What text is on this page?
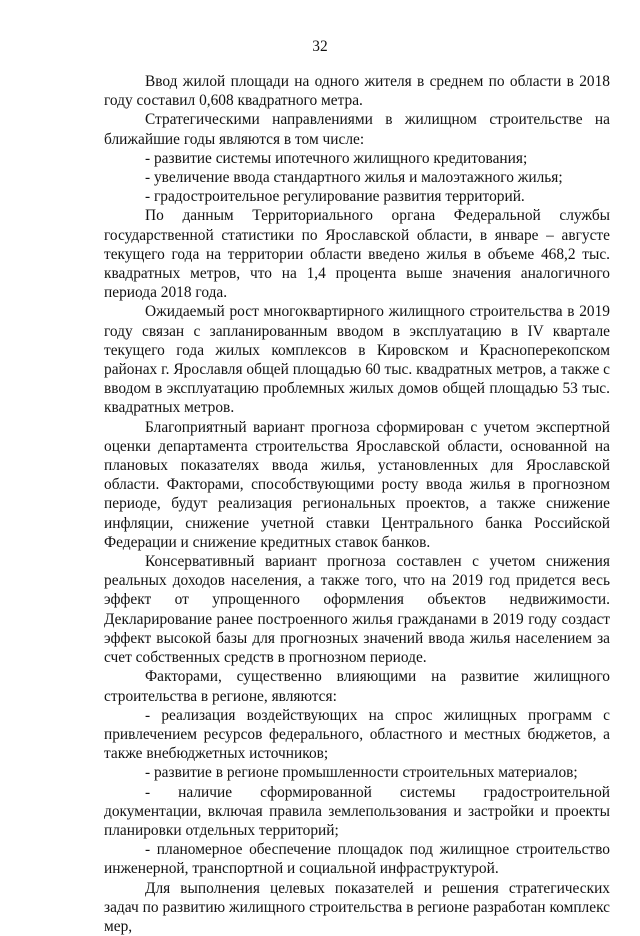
32

Ввод жилой площади на одного жителя в среднем по области в 2018 году составил 0,608 квадратного метра.

Стратегическими направлениями в жилищном строительстве на ближайшие годы являются в том числе:

- развитие системы ипотечного жилищного кредитования;

- увеличение ввода стандартного жилья и малоэтажного жилья;

- градостроительное регулирование развития территорий.

По данным Территориального органа Федеральной службы государственной статистики по Ярославской области, в январе – августе текущего года на территории области введено жилья в объеме 468,2 тыс. квадратных метров, что на 1,4 процента выше значения аналогичного периода 2018 года.

Ожидаемый рост многоквартирного жилищного строительства в 2019 году связан с запланированным вводом в эксплуатацию в IV квартале текущего года жилых комплексов в Кировском и Красноперекопском районах г. Ярославля общей площадью 60 тыс. квадратных метров, а также с вводом в эксплуатацию проблемных жилых домов общей площадью 53 тыс. квадратных метров.

Благоприятный вариант прогноза сформирован с учетом экспертной оценки департамента строительства Ярославской области, основанной на плановых показателях ввода жилья, установленных для Ярославской области. Факторами, способствующими росту ввода жилья в прогнозном периоде, будут реализация региональных проектов, а также снижение инфляции, снижение учетной ставки Центрального банка Российской Федерации и снижение кредитных ставок банков.

Консервативный вариант прогноза составлен с учетом снижения реальных доходов населения, а также того, что на 2019 год придется весь эффект от упрощенного оформления объектов недвижимости. Декларирование ранее построенного жилья гражданами в 2019 году создаст эффект высокой базы для прогнозных значений ввода жилья населением за счет собственных средств в прогнозном периоде.

Факторами, существенно влияющими на развитие жилищного строительства в регионе, являются:

- реализация воздействующих на спрос жилищных программ с привлечением ресурсов федерального, областного и местных бюджетов, а также внебюджетных источников;

- развитие в регионе промышленности строительных материалов;

- наличие сформированной системы градостроительной документации, включая правила землепользования и застройки и проекты планировки отдельных территорий;

- планомерное обеспечение площадок под жилищное строительство инженерной, транспортной и социальной инфраструктурой.

Для выполнения целевых показателей и решения стратегических задач по развитию жилищного строительства в регионе разработан комплекс мер,
